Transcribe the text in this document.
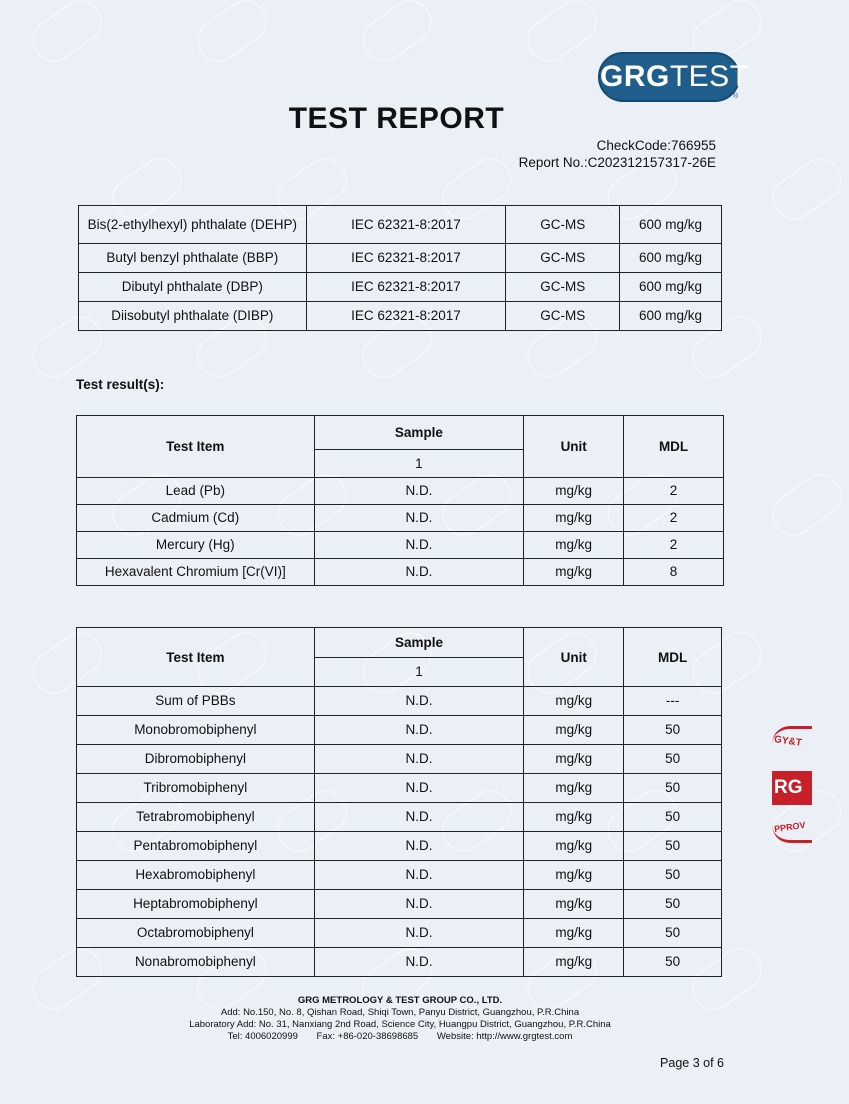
GRGTEST
®
TEST REPORT
CheckCode:766955
Report No.:C202312157317-26E
Bis(2-ethylhexyl) phthalate (DEHP)	IEC 62321-8:2017	GC-MS	600 mg/kg
Butyl benzyl phthalate (BBP)	IEC 62321-8:2017	GC-MS	600 mg/kg
Dibutyl phthalate (DBP)	IEC 62321-8:2017	GC-MS	600 mg/kg
Diisobutyl phthalate (DIBP)	IEC 62321-8:2017	GC-MS	600 mg/kg
Test result(s):
Test Item	Sample	Unit	MDL
	1		
Lead (Pb)	N.D.	mg/kg	2
Cadmium (Cd)	N.D.	mg/kg	2
Mercury (Hg)	N.D.	mg/kg	2
Hexavalent Chromium [Cr(VI)]	N.D.	mg/kg	8
Test Item	Sample	Unit	MDL
	1		
Sum of PBBs	N.D.	mg/kg	---
Monobromobiphenyl	N.D.	mg/kg	50
Dibromobiphenyl	N.D.	mg/kg	50
Tribromobiphenyl	N.D.	mg/kg	50
Tetrabromobiphenyl	N.D.	mg/kg	50
Pentabromobiphenyl	N.D.	mg/kg	50
Hexabromobiphenyl	N.D.	mg/kg	50
Heptabromobiphenyl	N.D.	mg/kg	50
Octabromobiphenyl	N.D.	mg/kg	50
Nonabromobiphenyl	N.D.	mg/kg	50
GY&T
RG
PPROV
GRG METROLOGY & TEST GROUP CO., LTD.
Add: No.150, No. 8, Qishan Road, Shiqi Town, Panyu District, Guangzhou, P.R.China
Laboratory Add: No. 31, Nanxiang 2nd Road, Science City, Huangpu District, Guangzhou, P.R.China
Tel: 4006020999 Fax: +86-020-38698685 Website: http://www.grgtest.com
Page 3 of 6
